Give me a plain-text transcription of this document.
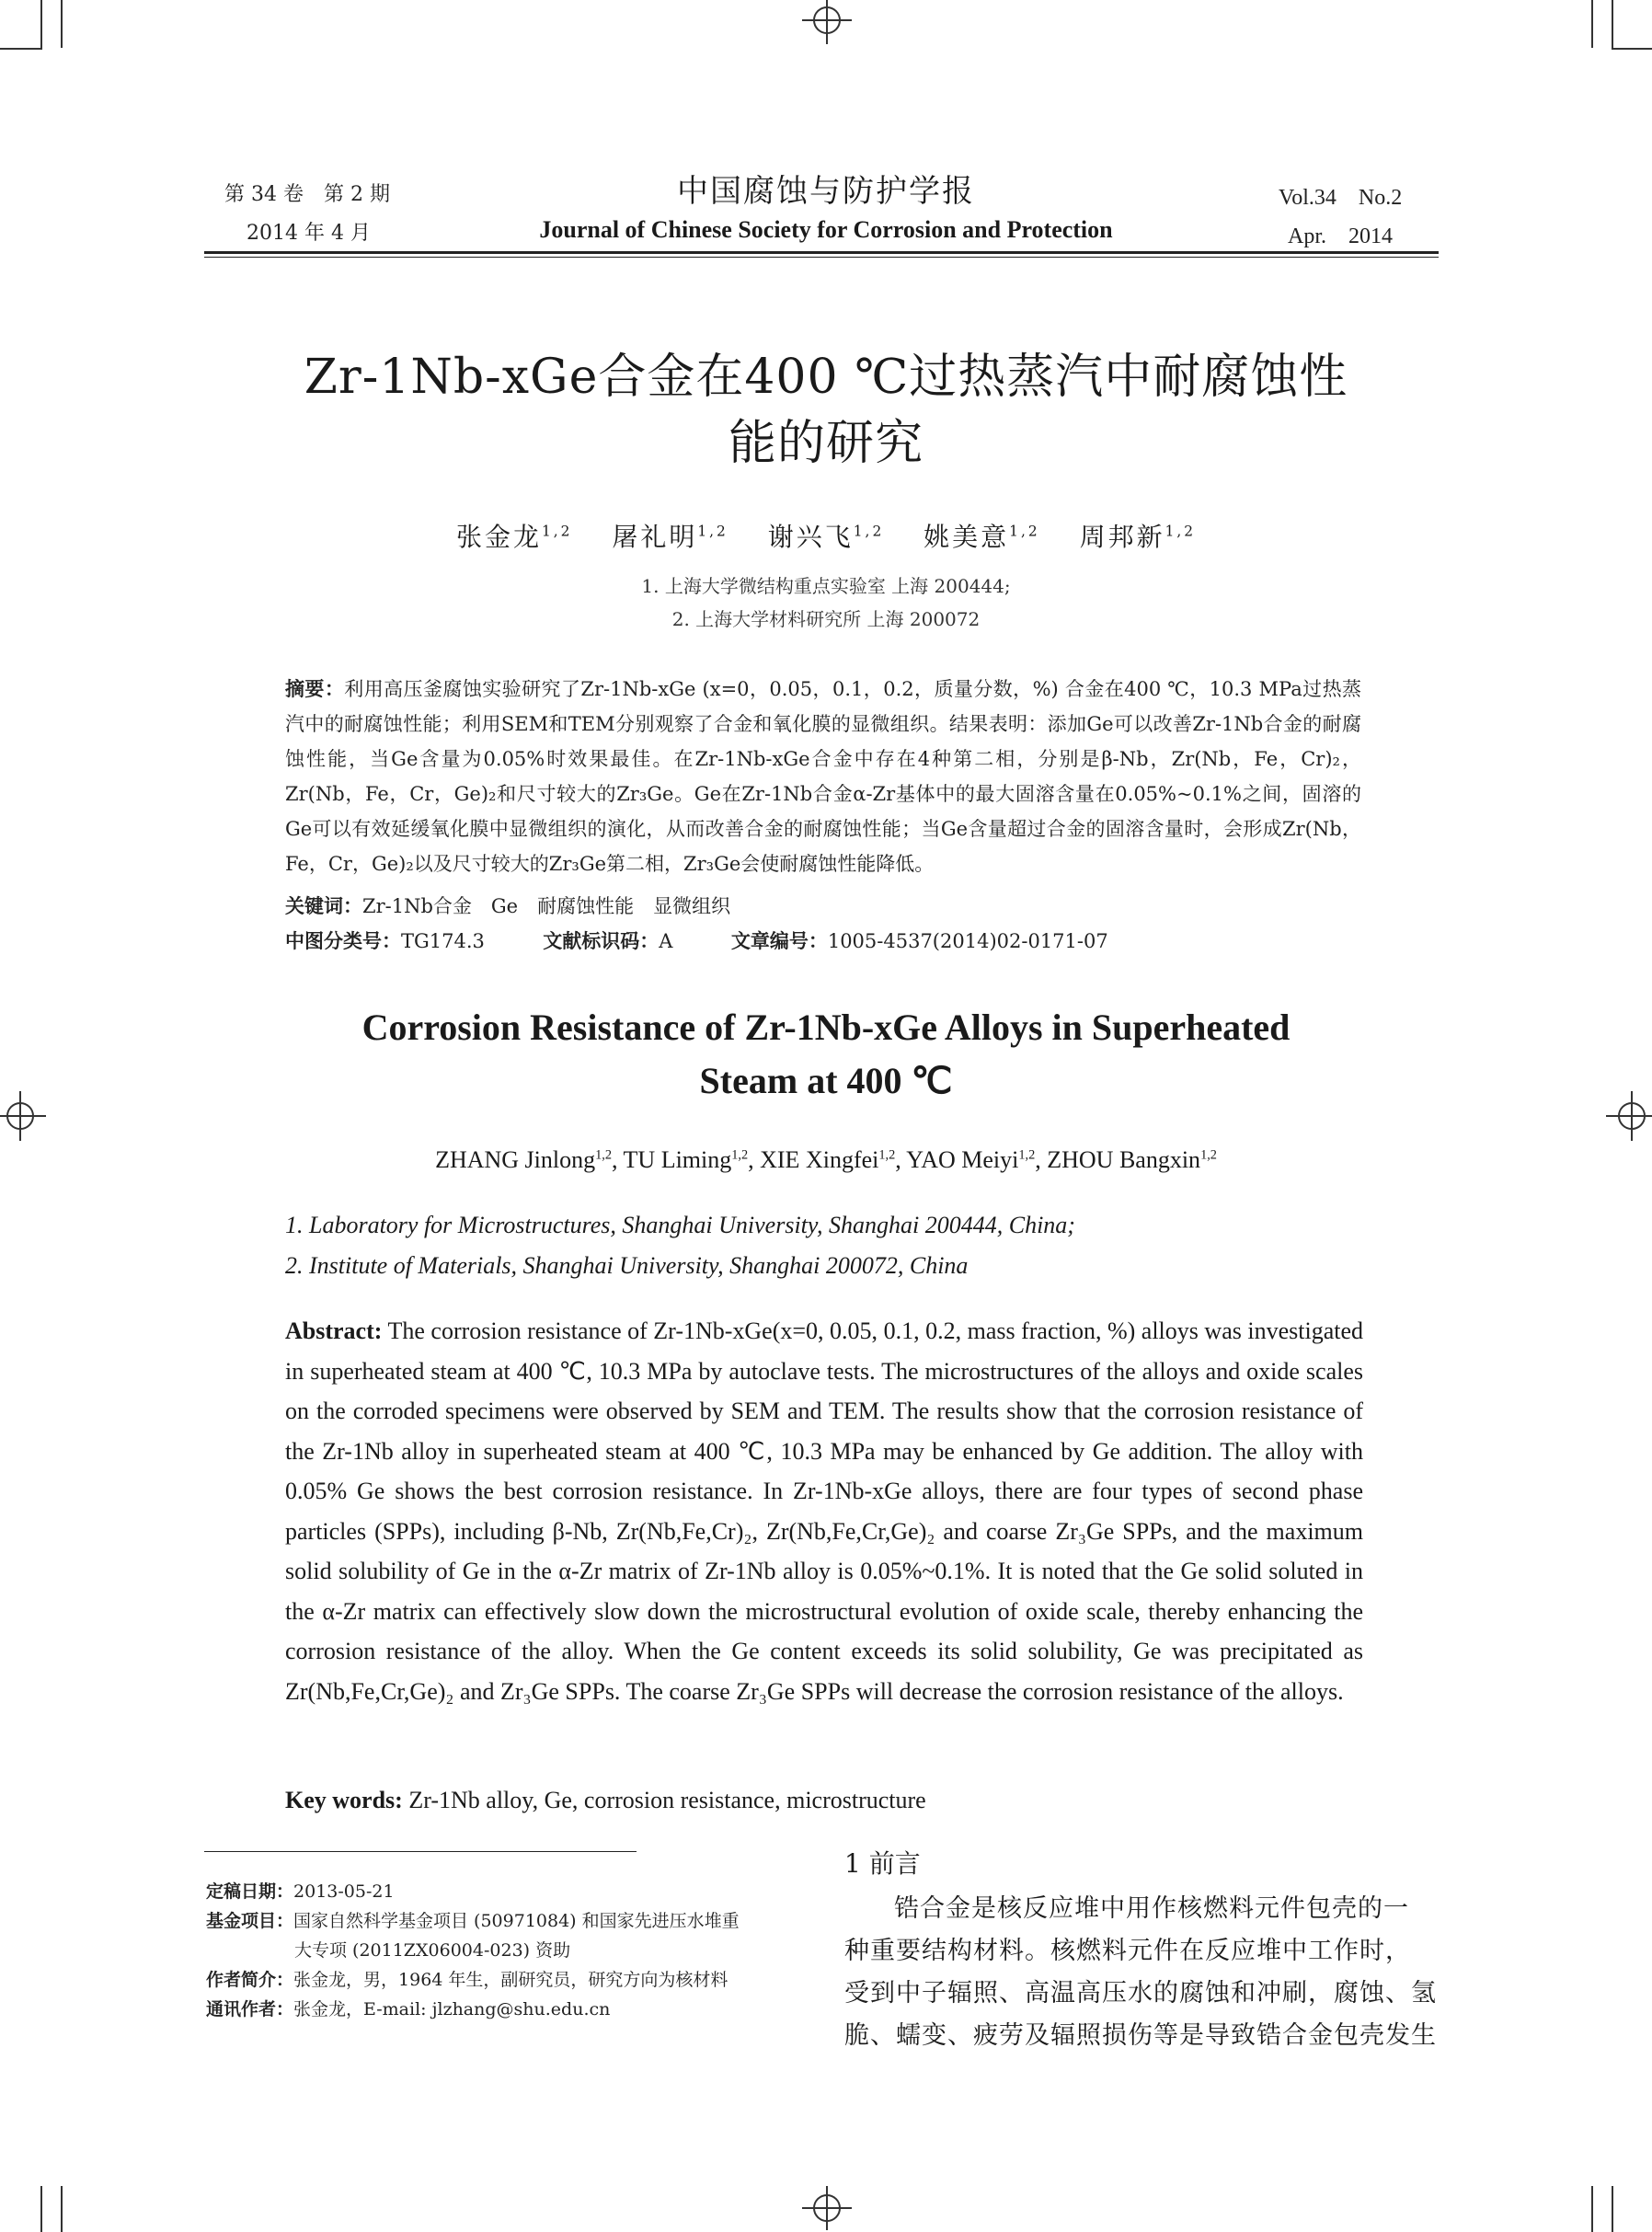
第 34 卷　第 2 期
2014 年 4 月
中国腐蚀与防护学报
Journal of Chinese Society for Corrosion and Protection
Vol.34　No.2
Apr.　2014
Zr-1Nb-xGe合金在400 ℃过热蒸汽中耐腐蚀性
能的研究
张金龙$^{1,2}$　 屠礼明$^{1,2}$　 谢兴飞$^{1,2}$　 姚美意$^{1,2}$　 周邦新$^{1,2}$
1. 上海大学微结构重点实验室 上海 200444;
2. 上海大学材料研究所 上海 200072
摘要：利用高压釜腐蚀实验研究了Zr-1Nb-xGe (x=0，0.05，0.1，0.2，质量分数，%) 合金在400 ℃，10.3 MPa过热蒸汽中的耐腐蚀性能；利用SEM和TEM分别观察了合金和氧化膜的显微组织。结果表明：添加Ge可以改善Zr-1Nb合金的耐腐蚀性能，当Ge含量为0.05%时效果最佳。在Zr-1Nb-xGe合金中存在4种第二相，分别是β-Nb，Zr(Nb，Fe，Cr)₂，Zr(Nb，Fe，Cr，Ge)₂和尺寸较大的Zr₃Ge。Ge在Zr-1Nb合金α-Zr基体中的最大固溶含量在0.05%~0.1%之间，固溶的Ge可以有效延缓氧化膜中显微组织的演化，从而改善合金的耐腐蚀性能；当Ge含量超过合金的固溶含量时，会形成Zr(Nb，Fe，Cr，Ge)₂以及尺寸较大的Zr₃Ge第二相，Zr₃Ge会使耐腐蚀性能降低。
关键词：Zr-1Nb合金　Ge　耐腐蚀性能　显微组织
中图分类号：TG174.3	文献标识码：A	文章编号：1005-4537(2014)02-0171-07
Corrosion Resistance of Zr-1Nb-xGe Alloys in Superheated
Steam at 400 ℃
ZHANG Jinlong$^{1,2}$, TU Liming$^{1,2}$, XIE Xingfei$^{1,2}$, YAO Meiyi$^{1,2}$, ZHOU Bangxin$^{1,2}$
1. Laboratory for Microstructures, Shanghai University, Shanghai 200444, China;
2. Institute of Materials, Shanghai University, Shanghai 200072, China
Abstract: The corrosion resistance of Zr-1Nb-xGe(x=0, 0.05, 0.1, 0.2, mass fraction, %) alloys was investigated in superheated steam at 400 ℃, 10.3 MPa by autoclave tests. The microstructures of the alloys and oxide scales on the corroded specimens were observed by SEM and TEM. The results show that the corrosion resistance of the Zr-1Nb alloy in superheated steam at 400 ℃, 10.3 MPa may be enhanced by Ge addition. The alloy with 0.05% Ge shows the best corrosion resistance. In Zr-1Nb-xGe alloys, there are four types of second phase particles (SPPs), including β-Nb, Zr(Nb,Fe,Cr)₂, Zr(Nb,Fe,Cr,Ge)₂ and coarse Zr₃Ge SPPs, and the maximum solid solubility of Ge in the α-Zr matrix of Zr-1Nb alloy is 0.05%~0.1%. It is noted that the Ge solid soluted in the α-Zr matrix can effectively slow down the microstructural evolution of oxide scale, thereby enhancing the corrosion resistance of the alloy. When the Ge content exceeds its solid solubility, Ge was precipitated as Zr(Nb,Fe,Cr,Ge)₂ and Zr₃Ge SPPs. The coarse Zr₃Ge SPPs will decrease the corrosion resistance of the alloys.
Key words: Zr-1Nb alloy, Ge, corrosion resistance, microstructure
定稿日期：2013-05-21
基金项目：国家自然科学基金项目 (50971084) 和国家先进压水堆重
大专项 (2011ZX06004-023) 资助
作者简介：张金龙，男，1964 年生，副研究员，研究方向为核材料
通讯作者：张金龙，E-mail: jlzhang@shu.edu.cn
1 前言
锆合金是核反应堆中用作核燃料元件包壳的一
种重要结构材料。核燃料元件在反应堆中工作时，
受到中子辐照、高温高压水的腐蚀和冲刷，腐蚀、氢
脆、蠕变、疲劳及辐照损伤等是导致锆合金包壳发生
